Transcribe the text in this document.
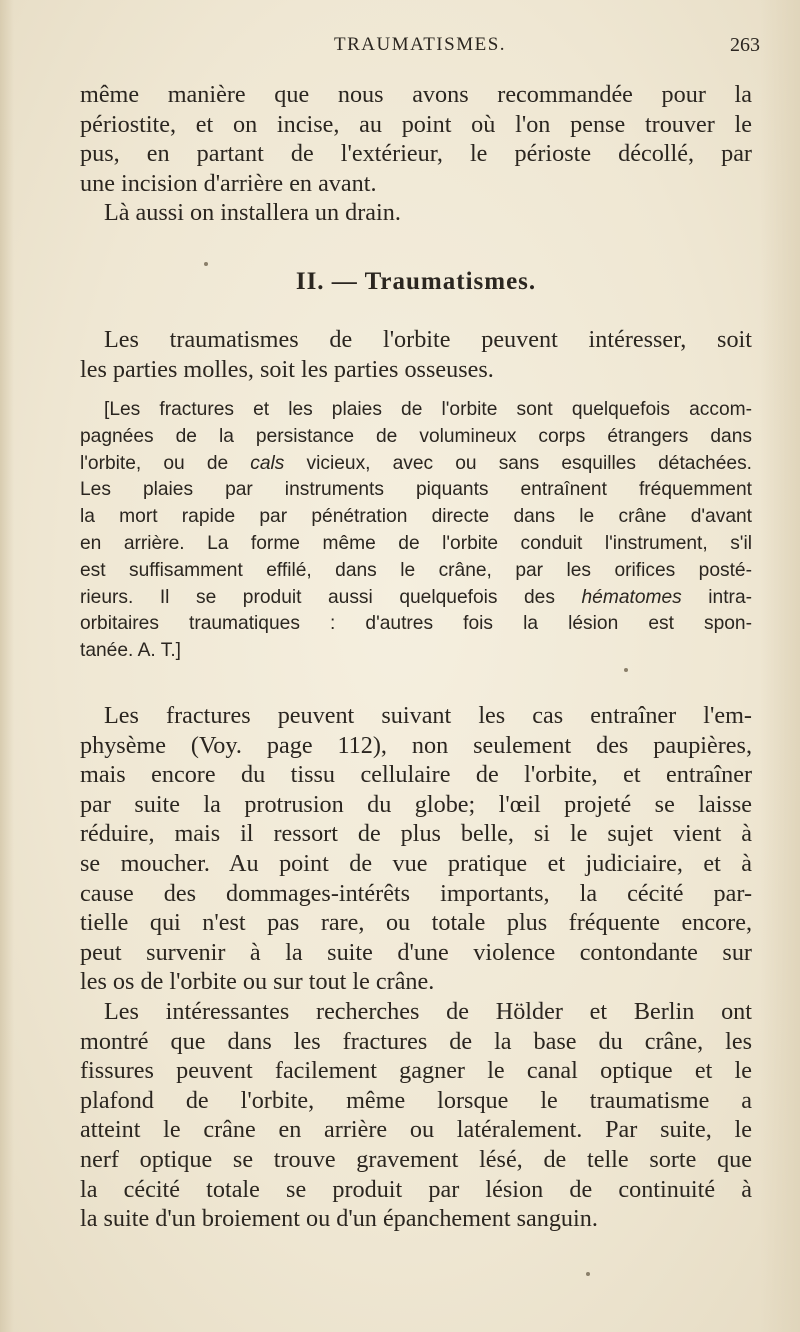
TRAUMATISMES.	263

même manière que nous avons recommandée pour la
périostite, et on incise, au point où l'on pense trouver le
pus, en partant de l'extérieur, le périoste décollé, par
une incision d'arrière en avant.

Là aussi on installera un drain.

II. — Traumatismes.

Les traumatismes de l'orbite peuvent intéresser, soit
les parties molles, soit les parties osseuses.

[Les fractures et les plaies de l'orbite sont quelquefois accom-
pagnées de la persistance de volumineux corps étrangers dans
l'orbite, ou de cals vicieux, avec ou sans esquilles détachées.
Les plaies par instruments piquants entraînent fréquemment
la mort rapide par pénétration directe dans le crâne d'avant
en arrière. La forme même de l'orbite conduit l'instrument, s'il
est suffisamment effilé, dans le crâne, par les orifices posté-
rieurs. Il se produit aussi quelquefois des hématomes intra-
orbitaires traumatiques : d'autres fois la lésion est spon-
tanée. A. T.]

Les fractures peuvent suivant les cas entraîner l'em-
physème (Voy. page 112), non seulement des paupières,
mais encore du tissu cellulaire de l'orbite, et entraîner
par suite la protrusion du globe; l'œil projeté se laisse
réduire, mais il ressort de plus belle, si le sujet vient à
se moucher. Au point de vue pratique et judiciaire, et à
cause des dommages-intérêts importants, la cécité par-
tielle qui n'est pas rare, ou totale plus fréquente encore,
peut survenir à la suite d'une violence contondante sur
les os de l'orbite ou sur tout le crâne.

Les intéressantes recherches de Hölder et Berlin ont
montré que dans les fractures de la base du crâne, les
fissures peuvent facilement gagner le canal optique et le
plafond de l'orbite, même lorsque le traumatisme a
atteint le crâne en arrière ou latéralement. Par suite, le
nerf optique se trouve gravement lésé, de telle sorte que
la cécité totale se produit par lésion de continuité à
la suite d'un broiement ou d'un épanchement sanguin.
